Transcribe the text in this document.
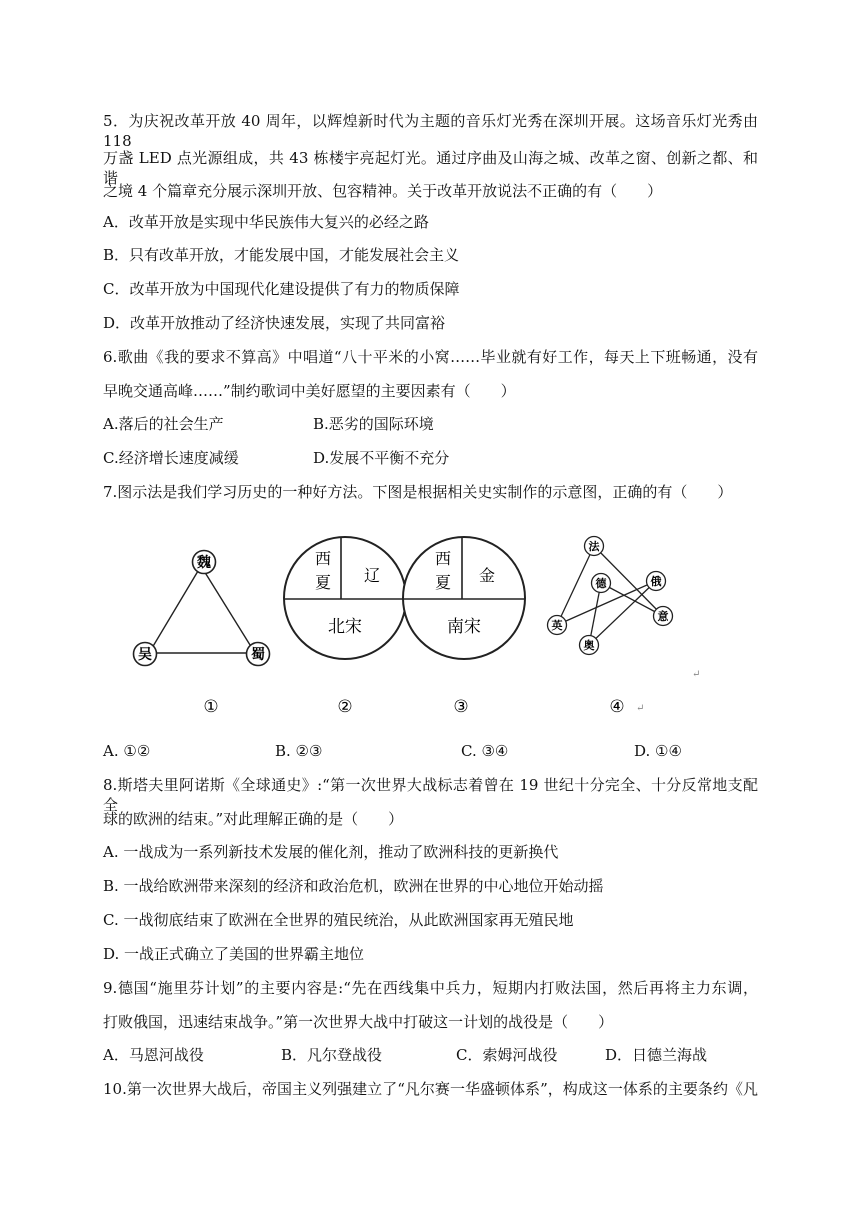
5．为庆祝改革开放 40 周年，以辉煌新时代为主题的音乐灯光秀在深圳开展。这场音乐灯光秀由 118
万盏 LED 点光源组成，共 43 栋楼宇亮起灯光。通过序曲及山海之城、改革之窗、创新之都、和谐
之境 4 个篇章充分展示深圳开放、包容精神。关于改革开放说法不正确的有（　　）
A．改革开放是实现中华民族伟大复兴的必经之路
B．只有改革开放，才能发展中国，才能发展社会主义
C．改革开放为中国现代化建设提供了有力的物质保障
D．改革开放推动了经济快速发展，实现了共同富裕
6.歌曲《我的要求不算高》中唱道“八十平米的小窝……毕业就有好工作，每天上下班畅通，没有
早晚交通高峰……”制约歌词中美好愿望的主要因素有（　　）
A.落后的社会生产	B.恶劣的国际环境
C.经济增长速度减缓	D.发展不平衡不充分
7.图示法是我们学习历史的一种好方法。下图是根据相关史实制作的示意图，正确的有（　　）
魏
吴	蜀
①
西
夏 辽
北宋
②
西
夏 金
南宋
③
法
德	俄
意
英
奥
④
↵
↵
A. ①②	B. ②③	C. ③④	D. ①④
8.斯塔夫里阿诺斯《全球通史》:“第一次世界大战标志着曾在 19 世纪十分完全、十分反常地支配全
球的欧洲的结束。”对此理解正确的是（　　）
A. 一战成为一系列新技术发展的催化剂，推动了欧洲科技的更新换代
B. 一战给欧洲带来深刻的经济和政治危机，欧洲在世界的中心地位开始动摇
C. 一战彻底结束了欧洲在全世界的殖民统治，从此欧洲国家再无殖民地
D. 一战正式确立了美国的世界霸主地位
9.德国“施里芬计划”的主要内容是:“先在西线集中兵力，短期内打败法国，然后再将主力东调，
打败俄国，迅速结束战争。”第一次世界大战中打破这一计划的战役是（　　）
A．马恩河战役	B．凡尔登战役	C．索姆河战役	D．日德兰海战
10.第一次世界大战后，帝国主义列强建立了“凡尔赛一华盛顿体系”，构成这一体系的主要条约《凡
